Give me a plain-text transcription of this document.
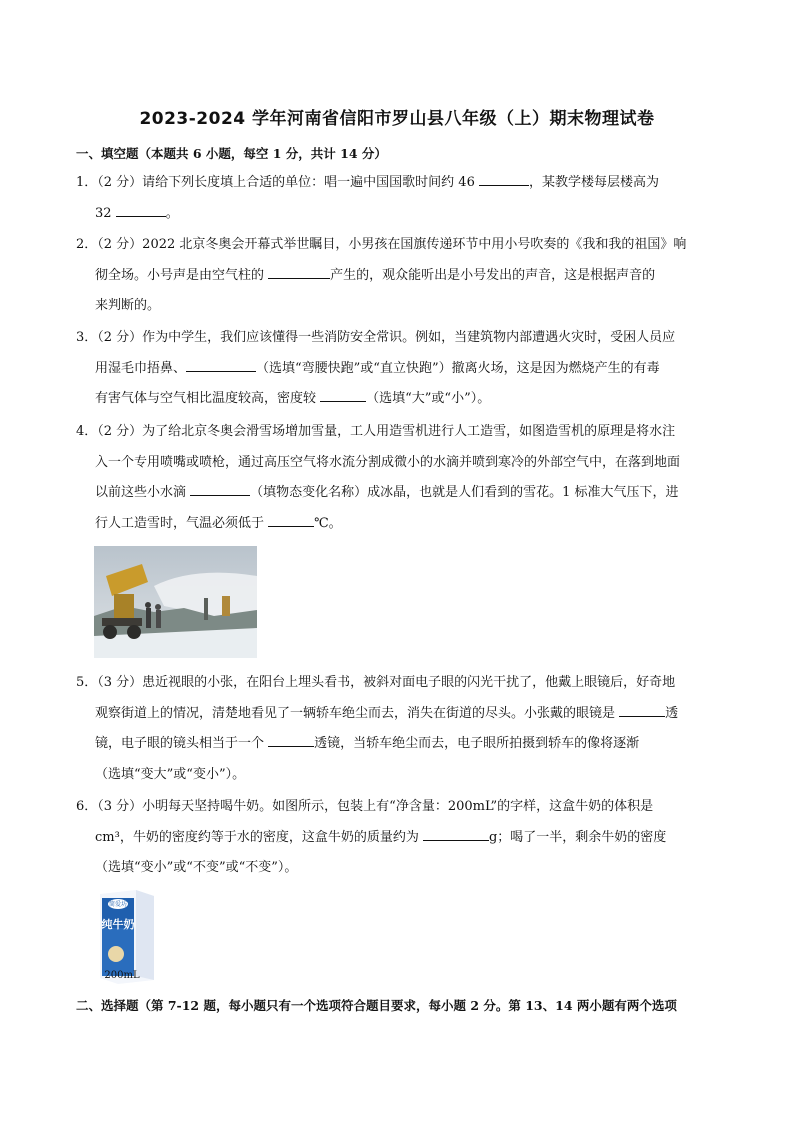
2023-2024 学年河南省信阳市罗山县八年级（上）期末物理试卷
一、填空题（本题共 6 小题，每空 1 分，共计 14 分）

1．（2 分）请给下列长度填上合适的单位：唱一遍中国国歌时间约 46	，某教学楼每层楼高为

32	。

2．（2 分）2022 北京冬奥会开幕式举世瞩目，小男孩在国旗传递环节中用小号吹奏的《我和我的祖国》响

彻全场。小号声是由空气柱的	产生的，观众能听出是小号发出的声音，这是根据声音的

来判断的。

3．（2 分）作为中学生，我们应该懂得一些消防安全常识。例如，当建筑物内部遭遇火灾时，受困人员应

用湿毛巾捂鼻、	（选填“弯腰快跑”或“直立快跑”）撤离火场，这是因为燃烧产生的有毒

有害气体与空气相比温度较高，密度较	（选填“大”或“小”）。

4．（2 分）为了给北京冬奥会滑雪场增加雪量，工人用造雪机进行人工造雪，如图造雪机的原理是将水注

入一个专用喷嘴或喷枪，通过高压空气将水流分割成微小的水滴并喷到寒冷的外部空气中，在落到地面

以前这些小水滴	（填物态变化名称）成冰晶，也就是人们看到的雪花。1 标准大气压下，进

行人工造雪时，气温必须低于	℃。

5．（3 分）患近视眼的小张，在阳台上埋头看书，被斜对面电子眼的闪光干扰了，他戴上眼镜后，好奇地

观察街道上的情况，清楚地看见了一辆轿车绝尘而去，消失在街道的尽头。小张戴的眼镜是	透

镜，电子眼的镜头相当于一个	透镜，当轿车绝尘而去，电子眼所拍摄到轿车的像将逐渐

（选填“变大”或“变小”）。

6．（3 分）小明每天坚持喝牛奶。如图所示，包装上有“净含量：200mL”的字样，这盒牛奶的体积是

cm³，牛奶的密度约等于水的密度，这盒牛奶的质量约为	g；喝了一半，剩余牛奶的密度

（选填“变小”或“不变”或“不变”）。

简爱坊
纯牛奶
200mL
二、选择题（第 7-12 题，每小题只有一个选项符合题目要求，每小题 2 分。第 13、14 两小题有两个选项
